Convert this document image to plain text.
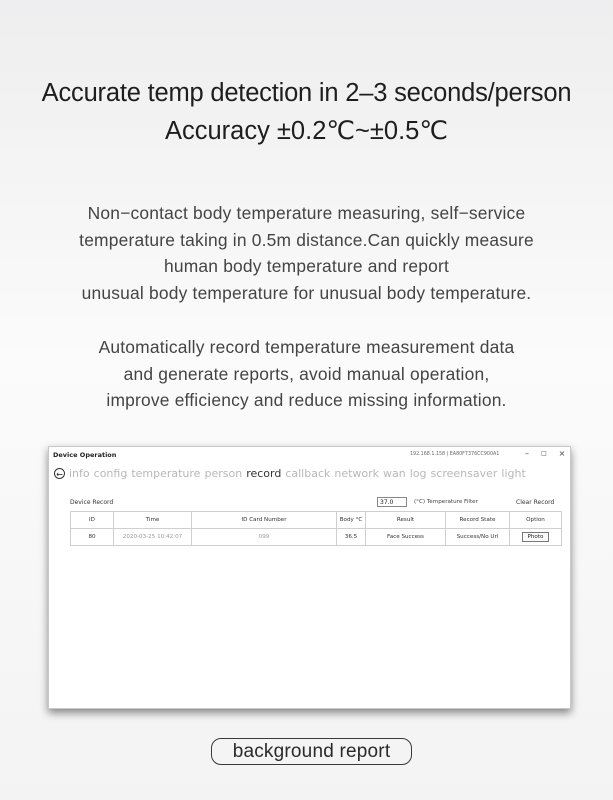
Accurate temp detection in 2–3 seconds/person
Accuracy ±0.2℃~±0.5℃
Non−contact body temperature measuring, self−service
temperature taking in 0.5m distance.Can quickly measure
human body temperature and report
unusual body temperature for unusual body temperature.
Automatically record temperature measurement data
and generate reports, avoid manual operation,
improve efficiency and reduce missing information.
Device Operation	192.168.1.158 | EA80F7376CC900A1	–	□	×
← info config temperature person record callback network wan log screensaver light
Device Record	37.0	(°C) Temperature Filter	Clear Record
ID	Time	ID Card Number	Body °C	Result	Record State	Option
80	2020-03-25 10:42:07	099	36.5	Face Success	Success/No Url	Photo
background report
